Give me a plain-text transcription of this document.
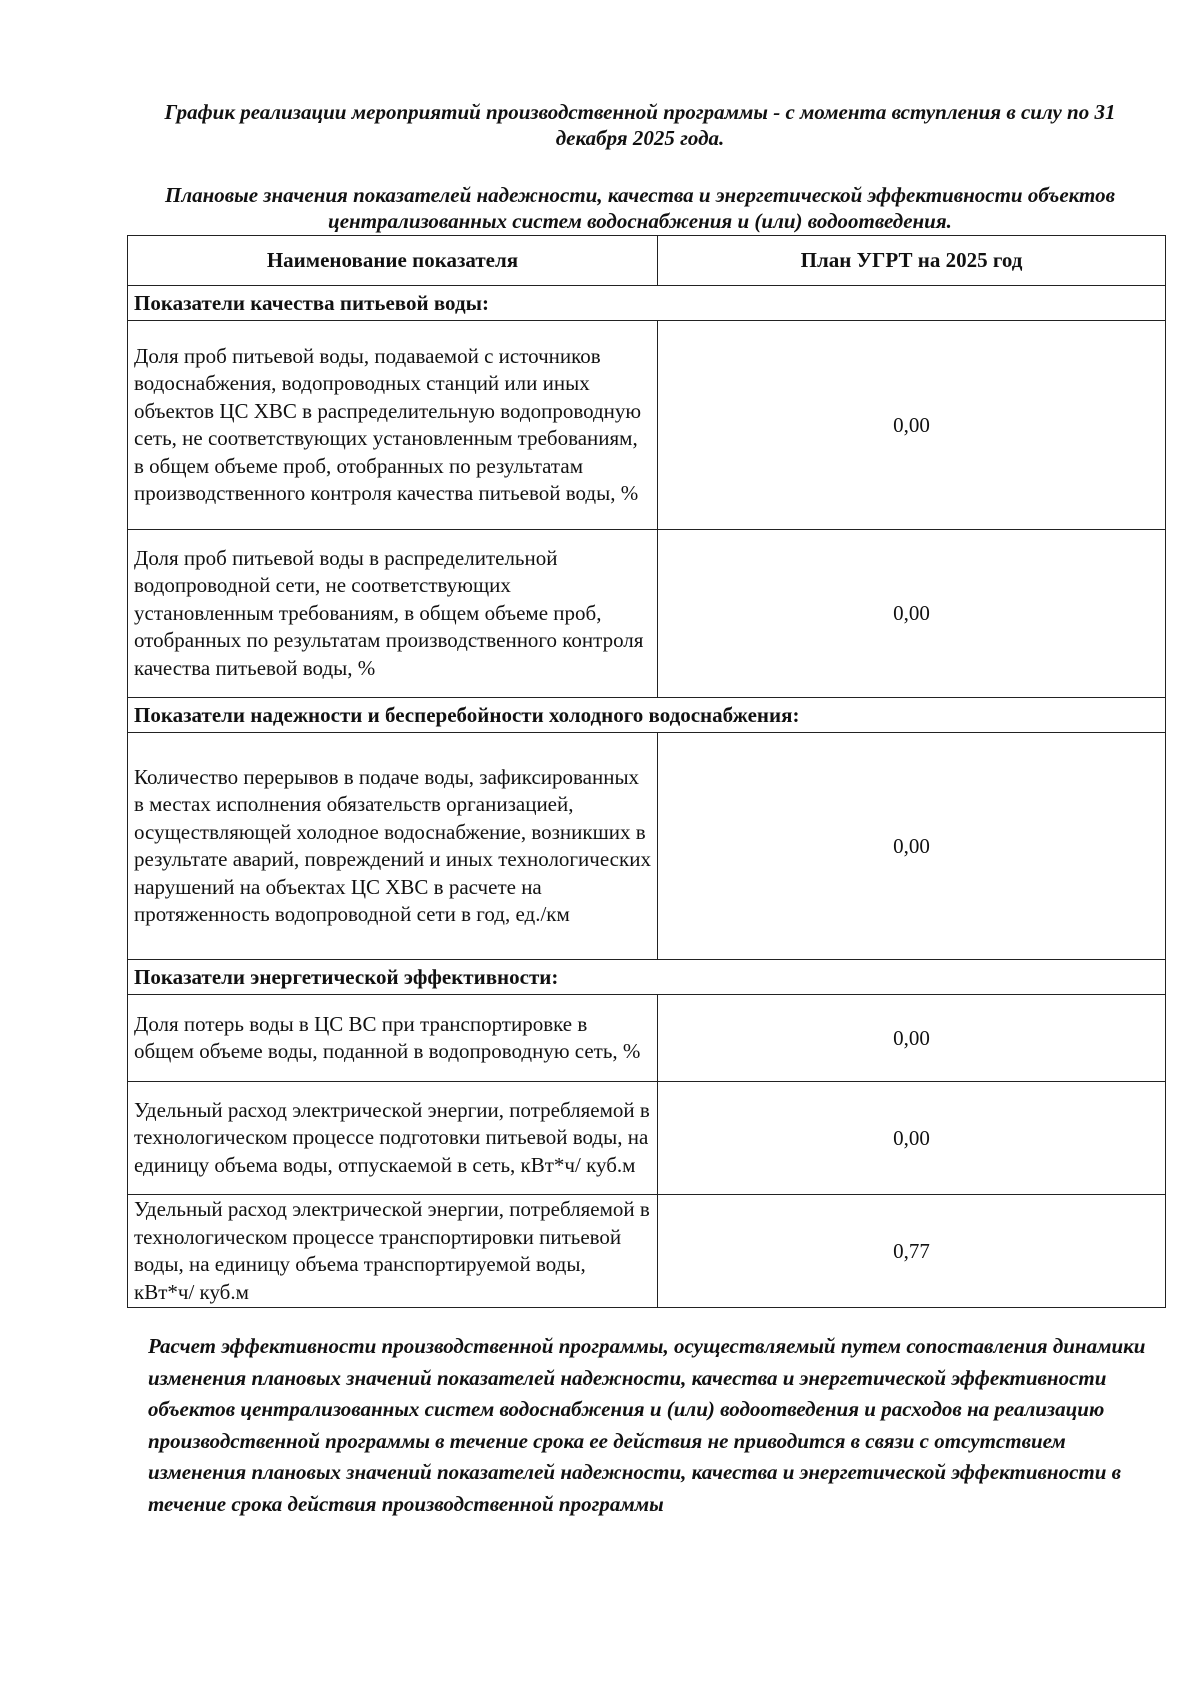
График реализации мероприятий производственной программы - с момента вступления в силу по 31 декабря 2025 года.
Плановые значения показателей надежности, качества и энергетической эффективности объектов централизованных систем водоснабжения и (или) водоотведения.
Наименование показателя	План УГРТ на 2025 год
Показатели качества питьевой воды:	
Доля проб питьевой воды, подаваемой с источников водоснабжения, водопроводных станций или иных объектов ЦС ХВС в распределительную водопроводную сеть, не соответствующих установленным требованиям, в общем объеме проб, отобранных по результатам производственного контроля качества питьевой воды, %	0,00
Доля проб питьевой воды в распределительной водопроводной сети, не соответствующих установленным требованиям, в общем объеме проб, отобранных по результатам производственного контроля качества питьевой воды, %	0,00
Показатели надежности и бесперебойности холодного водоснабжения:	
Количество перерывов в подаче воды, зафиксированных в местах исполнения обязательств организацией, осуществляющей холодное водоснабжение, возникших в результате аварий, повреждений и иных технологических нарушений на объектах ЦС ХВС в расчете на протяженность водопроводной сети в год, ед./км	0,00
Показатели энергетической эффективности:	
Доля потерь воды в ЦС ВС при транспортировке в общем объеме воды, поданной в водопроводную сеть, %	0,00
Удельный расход электрической энергии, потребляемой в технологическом процессе подготовки питьевой воды, на единицу объема воды, отпускаемой в сеть, кВт*ч/ куб.м	0,00
Удельный расход электрической энергии, потребляемой в технологическом процессе транспортировки питьевой воды, на единицу объема транспортируемой воды, кВт*ч/ куб.м	0,77
Расчет эффективности производственной программы, осуществляемый путем сопоставления динамики изменения плановых значений показателей надежности, качества и энергетической эффективности объектов централизованных систем водоснабжения и (или) водоотведения и расходов на реализацию производственной программы в течение срока ее действия не приводится в связи с отсутствием изменения плановых значений показателей надежности, качества и энергетической эффективности в течение срока действия производственной программы
